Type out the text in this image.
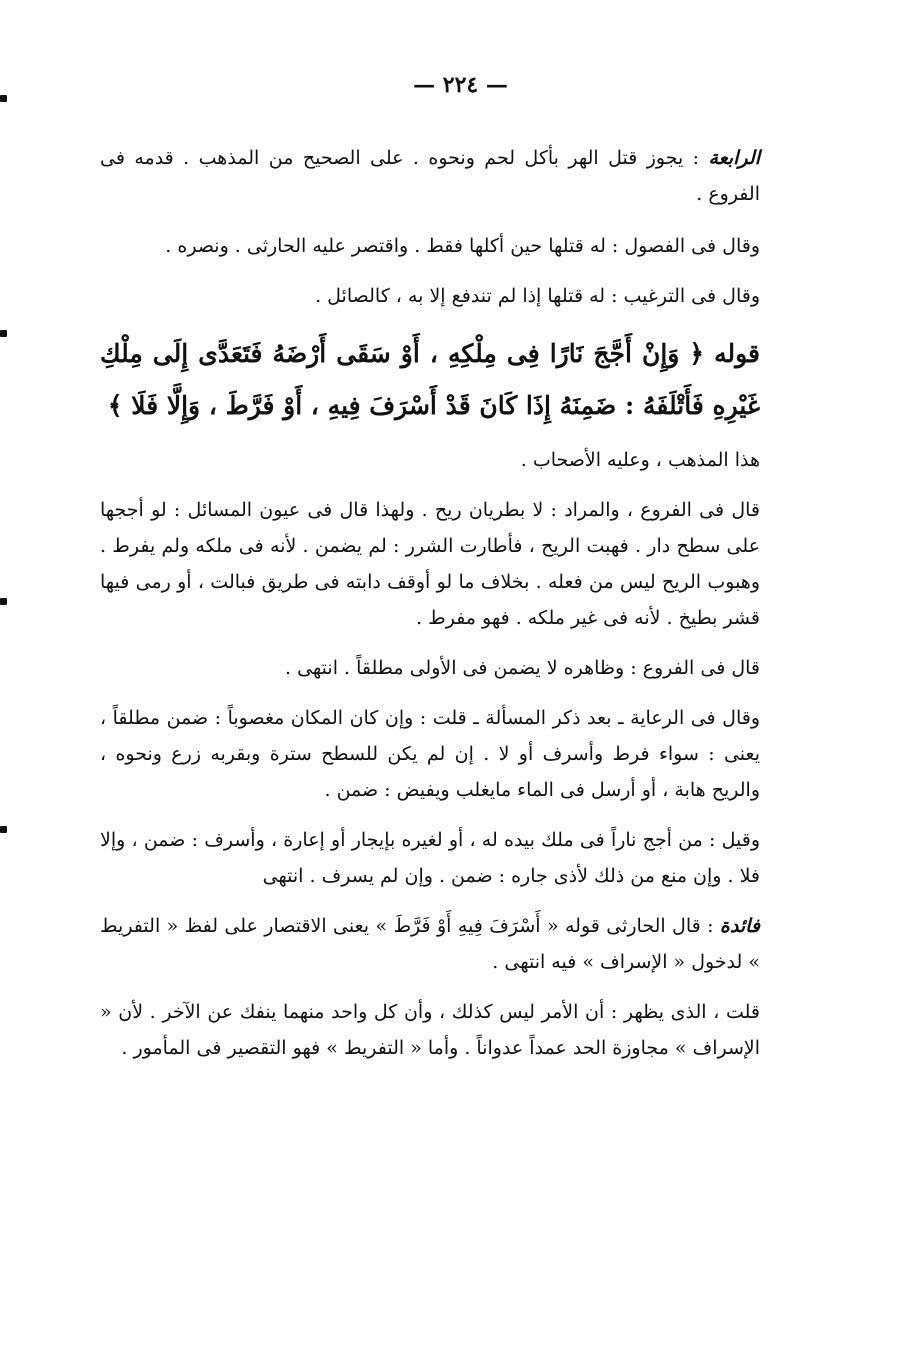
— ٢٢٤ —

الرابعة : يجوز قتل الهر بأكل لحم ونحوه . على الصحيح من المذهب . قدمه فى الفروع .

وقال فى الفصول : له قتلها حين أكلها فقط . واقتصر عليه الحارثى . ونصره .

وقال فى الترغيب : له قتلها إذا لم تندفع إلا به ، كالصائل .

قوله ﴿ وَإِنْ أَجَّجَ نَارًا فِى مِلْكِهِ ، أَوْ سَقَى أَرْضَهُ فَتَعَدَّى إِلَى مِلْكِ غَيْرِهِ فَأَتْلَفَهُ : ضَمِنَهُ إِذَا كَانَ قَدْ أَسْرَفَ فِيهِ ، أَوْ فَرَّطَ ، وَإِلَّا فَلَا ﴾

هذا المذهب ، وعليه الأصحاب .

قال فى الفروع ، والمراد : لا بطريان ريح . ولهذا قال فى عيون المسائل : لو أججها على سطح دار . فهبت الريح ، فأطارت الشرر : لم يضمن . لأنه فى ملكه ولم يفرط . وهبوب الريح ليس من فعله . بخلاف ما لو أوقف دابته فى طريق فبالت ، أو رمى فيها قشر بطيخ . لأنه فى غير ملكه . فهو مفرط .

قال فى الفروع : وظاهره لا يضمن فى الأولى مطلقاً . انتهى .

وقال فى الرعاية ـ بعد ذكر المسألة ـ قلت : وإن كان المكان مغصوباً : ضمن مطلقاً ، يعنى : سواء فرط وأسرف أو لا . إن لم يكن للسطح سترة وبقربه زرع ونحوه ، والريح هابة ، أو أرسل فى الماء مايغلب ويفيض : ضمن .

وقيل : من أجج ناراً فى ملك بيده له ، أو لغيره بإيجار أو إعارة ، وأسرف : ضمن ، وإلا فلا . وإن منع من ذلك لأذى جاره : ضمن . وإن لم يسرف . انتهى

فائدة : قال الحارثى قوله « أَسْرَفَ فِيهِ أَوْ فَرَّطَ » يعنى الاقتصار على لفظ « التفريط » لدخول « الإسراف » فيه انتهى .

قلت ، الذى يظهر : أن الأمر ليس كذلك ، وأن كل واحد منهما ينفك عن الآخر . لأن « الإسراف » مجاوزة الحد عمداً عدواناً . وأما « التفريط » فهو التقصير فى المأمور .
